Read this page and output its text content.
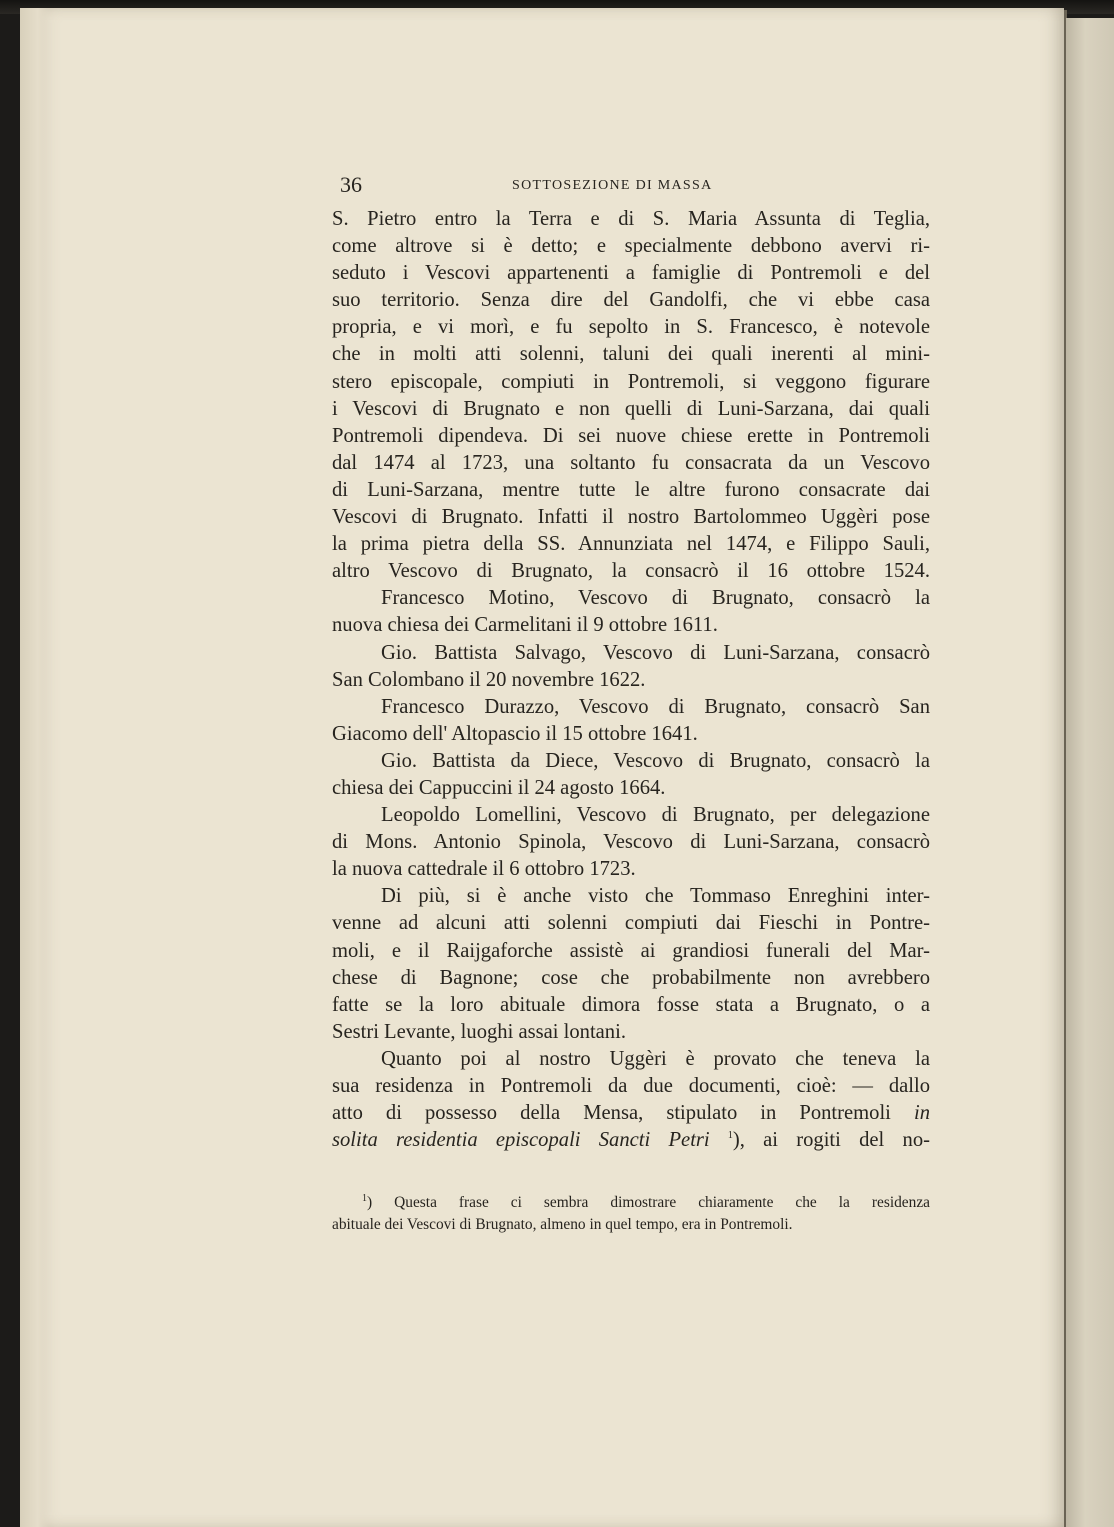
36	SOTTOSEZIONE DI MASSA
S. Pietro entro la Terra e di S. Maria Assunta di Teglia,
come altrove si è detto; e specialmente debbono avervi ri-
seduto i Vescovi appartenenti a famiglie di Pontremoli e del
suo territorio. Senza dire del Gandolfi, che vi ebbe casa
propria, e vi morì, e fu sepolto in S. Francesco, è notevole
che in molti atti solenni, taluni dei quali inerenti al mini-
stero episcopale, compiuti in Pontremoli, si veggono figurare
i Vescovi di Brugnato e non quelli di Luni-Sarzana, dai quali
Pontremoli dipendeva. Di sei nuove chiese erette in Pontremoli
dal 1474 al 1723, una soltanto fu consacrata da un Vescovo
di Luni-Sarzana, mentre tutte le altre furono consacrate dai
Vescovi di Brugnato. Infatti il nostro Bartolommeo Uggèri pose
la prima pietra della SS. Annunziata nel 1474, e Filippo Sauli,
altro Vescovo di Brugnato, la consacrò il 16 ottobre 1524.
Francesco Motino, Vescovo di Brugnato, consacrò la
nuova chiesa dei Carmelitani il 9 ottobre 1611.
Gio. Battista Salvago, Vescovo di Luni-Sarzana, consacrò
San Colombano il 20 novembre 1622.
Francesco Durazzo, Vescovo di Brugnato, consacrò San
Giacomo dell' Altopascio il 15 ottobre 1641.
Gio. Battista da Diece, Vescovo di Brugnato, consacrò la
chiesa dei Cappuccini il 24 agosto 1664.
Leopoldo Lomellini, Vescovo di Brugnato, per delegazione
di Mons. Antonio Spinola, Vescovo di Luni-Sarzana, consacrò
la nuova cattedrale il 6 ottobro 1723.
Di più, si è anche visto che Tommaso Enreghini inter-
venne ad alcuni atti solenni compiuti dai Fieschi in Pontre-
moli, e il Raijgaforche assistè ai grandiosi funerali del Mar-
chese di Bagnone; cose che probabilmente non avrebbero
fatte se la loro abituale dimora fosse stata a Brugnato, o a
Sestri Levante, luoghi assai lontani.
Quanto poi al nostro Uggèri è provato che teneva la
sua residenza in Pontremoli da due documenti, cioè: — dallo
atto di possesso della Mensa, stipulato in Pontremoli in
solita residentia episcopali Sancti Petri $^1$), ai rogiti del no-
$^1$) Questa frase ci sembra dimostrare chiaramente che la residenza
abituale dei Vescovi di Brugnato, almeno in quel tempo, era in Pontremoli.
